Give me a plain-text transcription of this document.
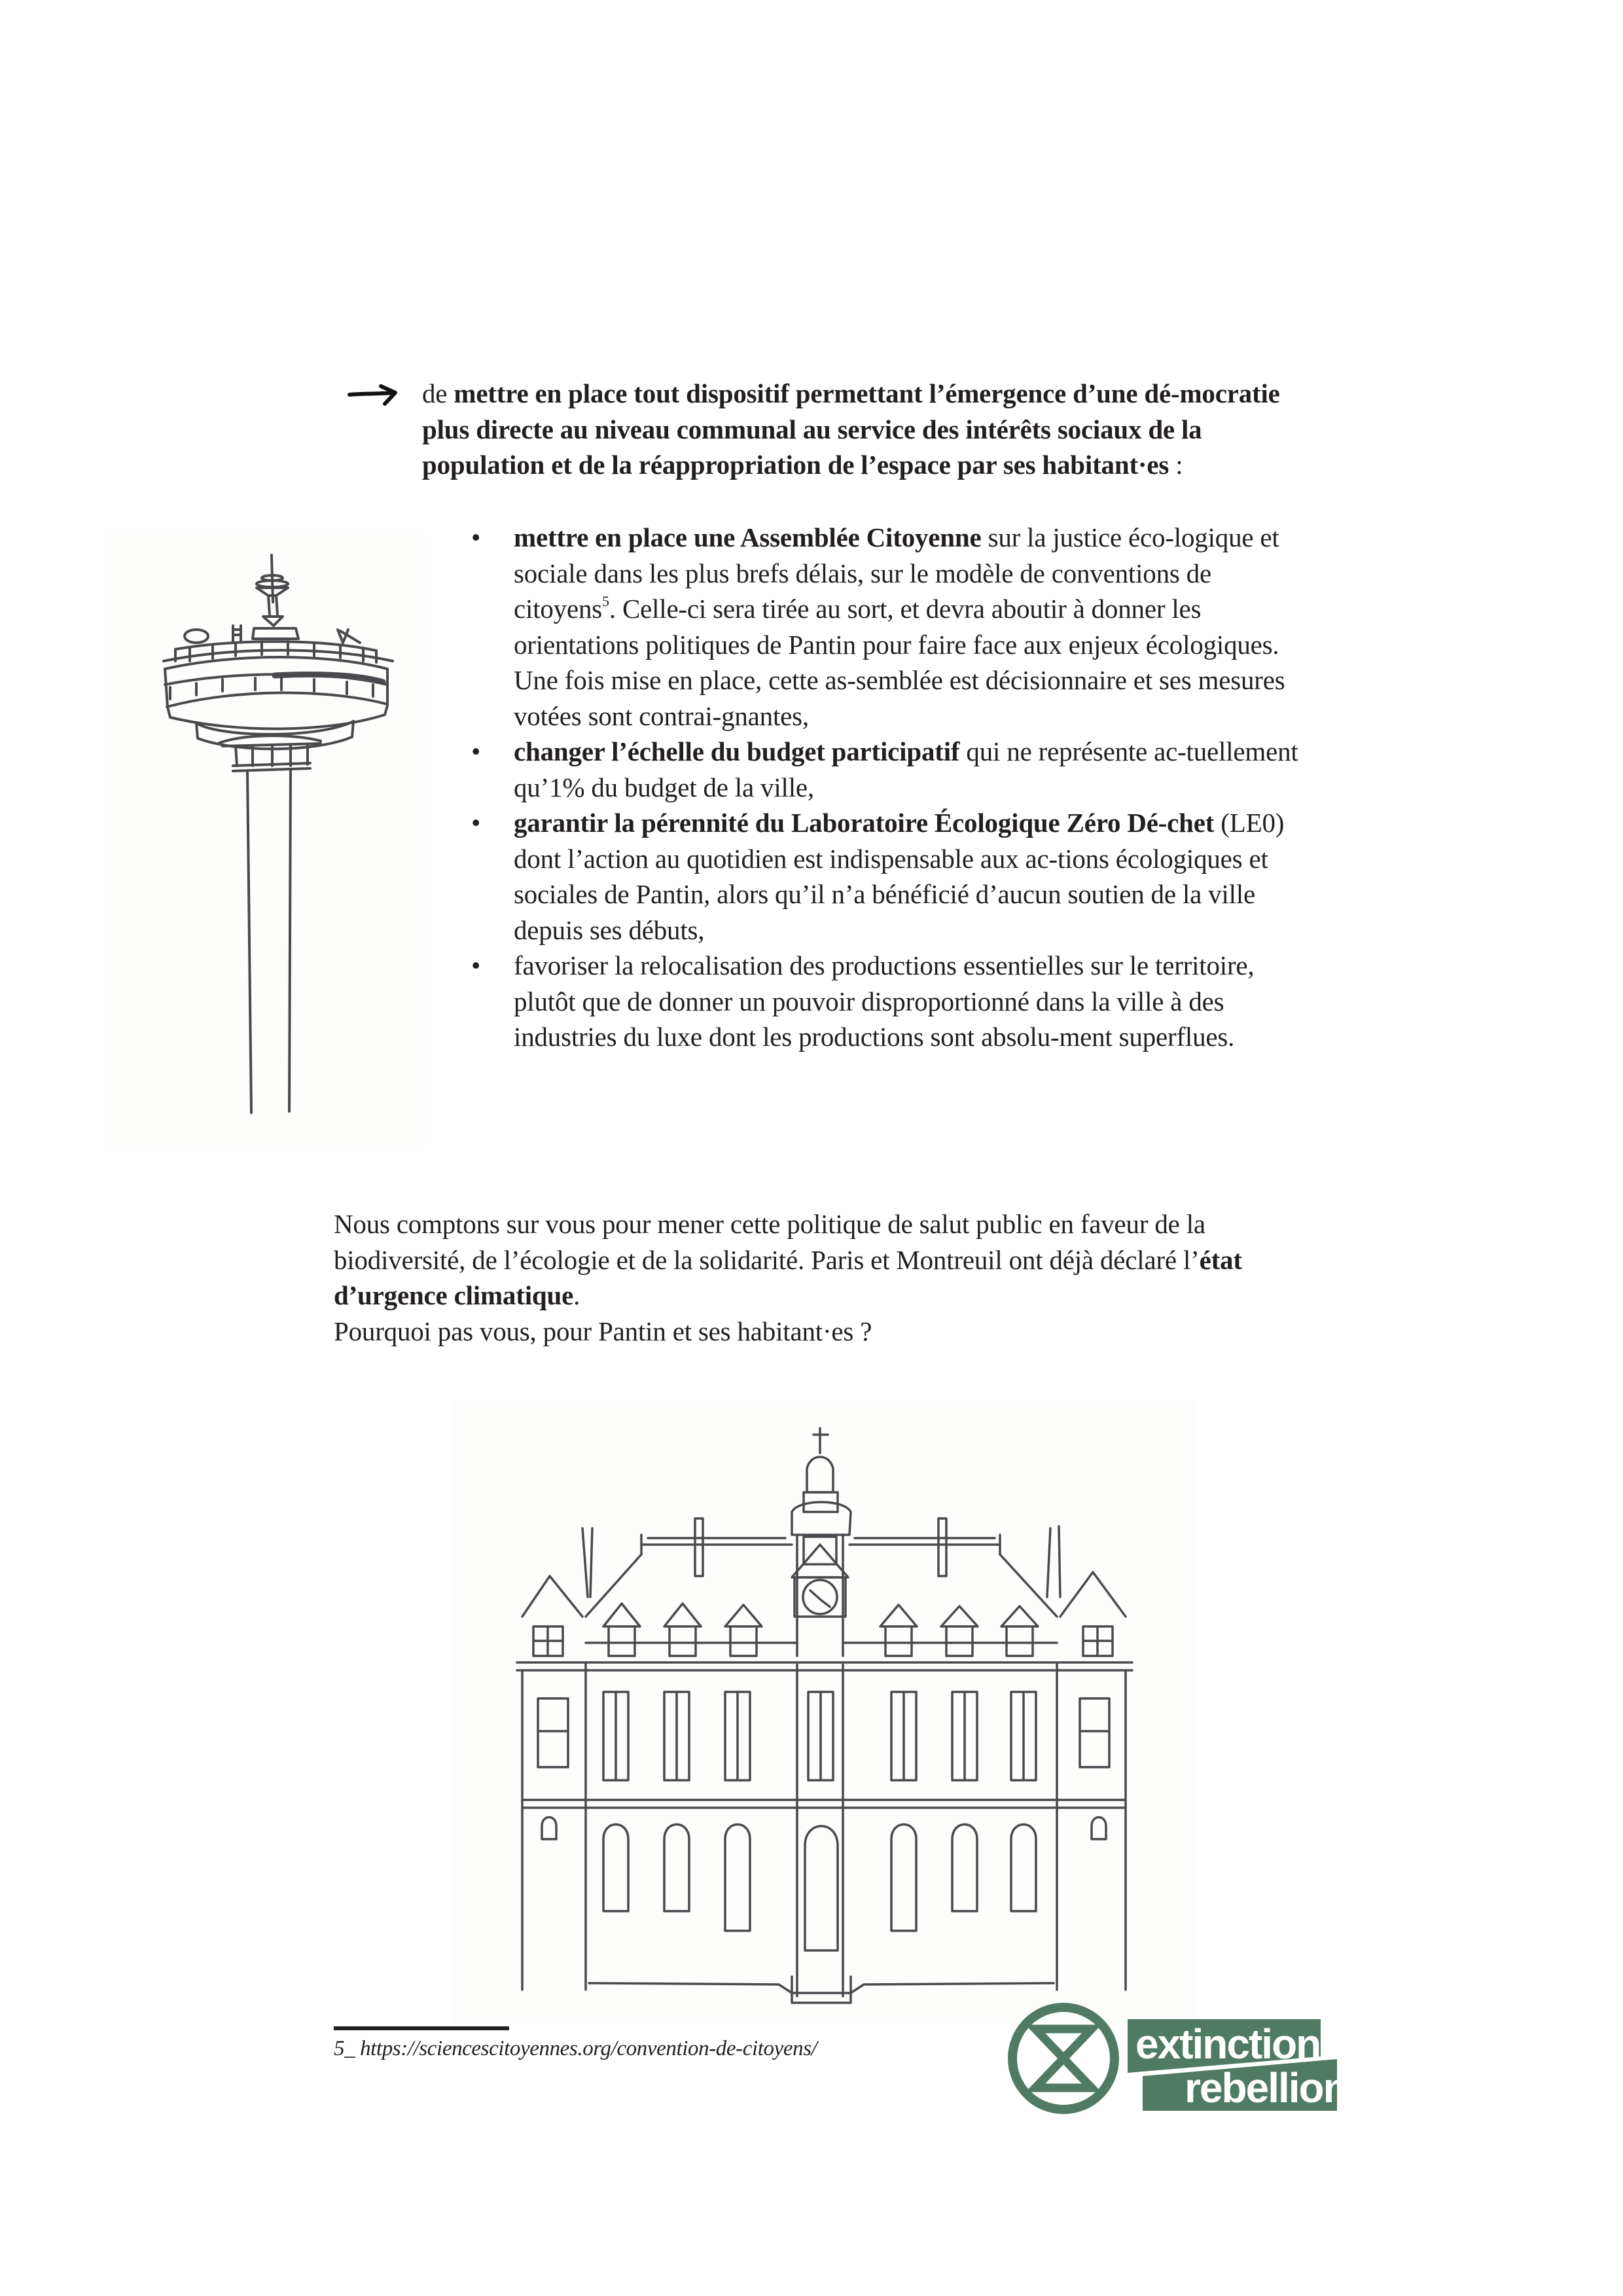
de mettre en place tout dispositif permettant l’émergence d’une dé-mocratie plus directe au niveau communal au service des intérêts sociaux de la population et de la réappropriation de l’espace par ses habitant·es :
•	mettre en place une Assemblée Citoyenne sur la justice éco-logique et sociale dans les plus brefs délais, sur le modèle de conventions de citoyens$^5$. Celle-ci sera tirée au sort, et devra aboutir à donner les orientations politiques de Pantin pour faire face aux enjeux écologiques. Une fois mise en place, cette as-semblée est décisionnaire et ses mesures votées sont contrai-gnantes,
•	changer l’échelle du budget participatif qui ne représente ac-tuellement qu’1% du budget de la ville,
•	garantir la pérennité du Laboratoire Écologique Zéro Dé-chet (LE0) dont l’action au quotidien est indispensable aux ac-tions écologiques et sociales de Pantin, alors qu’il n’a bénéficié d’aucun soutien de la ville depuis ses débuts,
•	favoriser la relocalisation des productions essentielles sur le territoire, plutôt que de donner un pouvoir disproportionné dans la ville à des industries du luxe dont les productions sont absolu-ment superflues.

Nous comptons sur vous pour mener cette politique de salut public en faveur de la biodiversité, de l’écologie et de la solidarité. Paris et Montreuil ont déjà déclaré l’état d’urgence climatique.

Pourquoi pas vous, pour Pantin et ses habitant·es ?

5_ https://sciencescitoyennes.org/convention-de-citoyens/	extinction
rebellion
